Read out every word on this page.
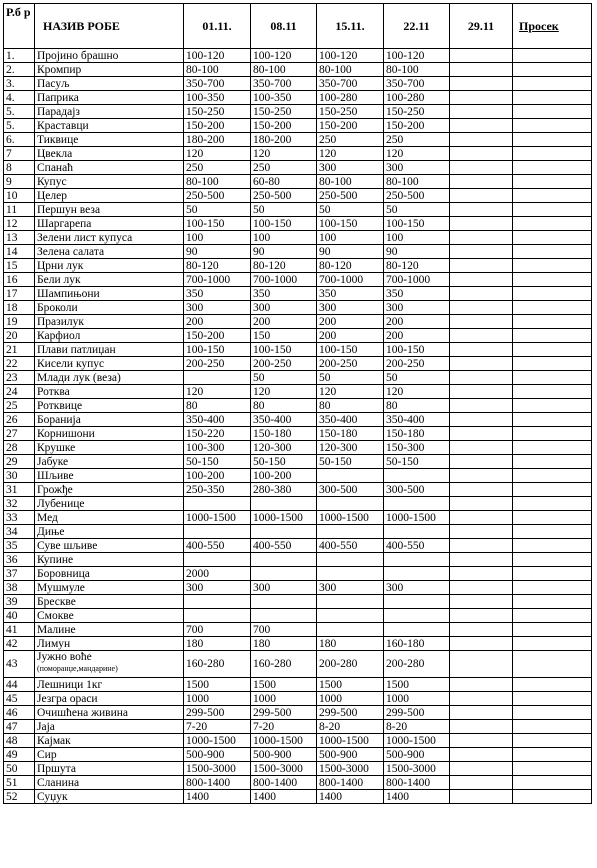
Р.б р	НАЗИВ РОБЕ	01.11.	08.11	15.11.	22.11	29.11	Просек
1.	Пројино брашно	100-120	100-120	100-120	100-120		
2.	Кромпир	80-100	80-100	80-100	80-100		
3.	Пасуљ	350-700	350-700	350-700	350-700		
4.	Паприка	100-350	100-350	100-280	100-280		
5.	Парадајз	150-250	150-250	150-250	150-250		
5.	Краставци	150-200	150-200	150-200	150-200		
6.	Тиквице	180-200	180-200	250	250		
7	Цвекла	120	120	120	120		
8	Спанаћ	250	250	300	300		
9	Купус	80-100	60-80	80-100	80-100		
10	Целер	250-500	250-500	250-500	250-500		
11	Першун веза	50	50	50	50		
12	Шаргарепа	100-150	100-150	100-150	100-150		
13	Зелени лист купуса	100	100	100	100		
14	Зелена салата	90	90	90	90		
15	Црни лук	80-120	80-120	80-120	80-120		
16	Бели лук	700-1000	700-1000	700-1000	700-1000		
17	Шампињони	350	350	350	350		
18	Броколи	300	300	300	300		
19	Празилук	200	200	200	200		
20	Карфиол	150-200	150	200	200		
21	Плави патлиџан	100-150	100-150	100-150	100-150		
22	Кисели купус	200-250	200-250	200-250	200-250		
23	Млади лук (веза)		50	50	50		
24	Ротква	120	120	120	120		
25	Ротквице	80	80	80	80		
26	Боранија	350-400	350-400	350-400	350-400		
27	Корнишони	150-220	150-180	150-180	150-180		
28	Крушке	100-300	120-300	120-300	150-300		
29	Јабуке	50-150	50-150	50-150	50-150		
30	Шљиве	100-200	100-200				
31	Грожђе	250-350	280-380	300-500	300-500		
32	Лубенице						
33	Мед	1000-1500	1000-1500	1000-1500	1000-1500		
34	Диње						
35	Суве шљиве	400-550	400-550	400-550	400-550		
36	Купине						
37	Боровница	2000					
38	Мушмуле	300	300	300	300		
39	Брескве						
40	Смокве						
41	Малине	700	700				
42	Лимун	180	180	180	160-180		
43	Јужно воће
(поморанџе,мандарине)	160-280	160-280	200-280	200-280		
44	Лешници 1кг	1500	1500	1500	1500		
45	Језгра ораси	1000	1000	1000	1000		
46	Очишћена живина	299-500	299-500	299-500	299-500		
47	Јаја	7-20	7-20	8-20	8-20		
48	Кајмак	1000-1500	1000-1500	1000-1500	1000-1500		
49	Сир	500-900	500-900	500-900	500-900		
50	Пршута	1500-3000	1500-3000	1500-3000	1500-3000		
51	Сланина	800-1400	800-1400	800-1400	800-1400		
52	Суџук	1400	1400	1400	1400		
